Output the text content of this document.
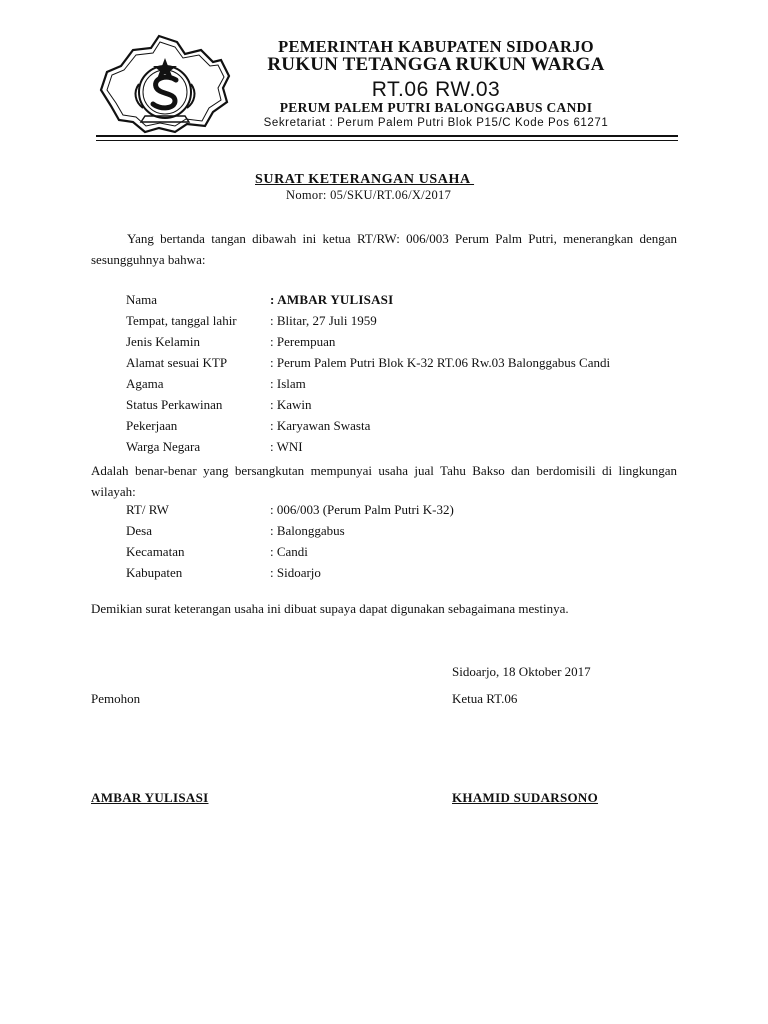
PEMERINTAH KABUPATEN SIDOARJO
RUKUN TETANGGA RUKUN WARGA
RT.06 RW.03
PERUM PALEM PUTRI BALONGGABUS CANDI
Sekretariat : Perum Palem Putri Blok P15/C Kode Pos 61271
SURAT KETERANGAN USAHA
Nomor: 05/SKU/RT.06/X/2017
Yang bertanda tangan dibawah ini ketua RT/RW: 006/003 Perum Palm Putri, menerangkan dengan sesungguhnya bahwa:
Nama	: AMBAR YULISASI
Tempat, tanggal lahir	: Blitar, 27 Juli 1959
Jenis Kelamin	: Perempuan
Alamat sesuai KTP	: Perum Palem Putri Blok K-32 RT.06 Rw.03 Balonggabus Candi
Agama	: Islam
Status Perkawinan	: Kawin
Pekerjaan	: Karyawan Swasta
Warga Negara	: WNI
Adalah benar-benar yang bersangkutan mempunyai usaha jual Tahu Bakso dan berdomisili di lingkungan wilayah:
RT/ RW	: 006/003 (Perum Palm Putri K-32)
Desa	: Balonggabus
Kecamatan	: Candi
Kabupaten	: Sidoarjo
Demikian surat keterangan usaha ini dibuat supaya dapat digunakan sebagaimana mestinya.
Sidoarjo, 18 Oktober 2017
Pemohon	Ketua RT.06
AMBAR YULISASI	KHAMID SUDARSONO
